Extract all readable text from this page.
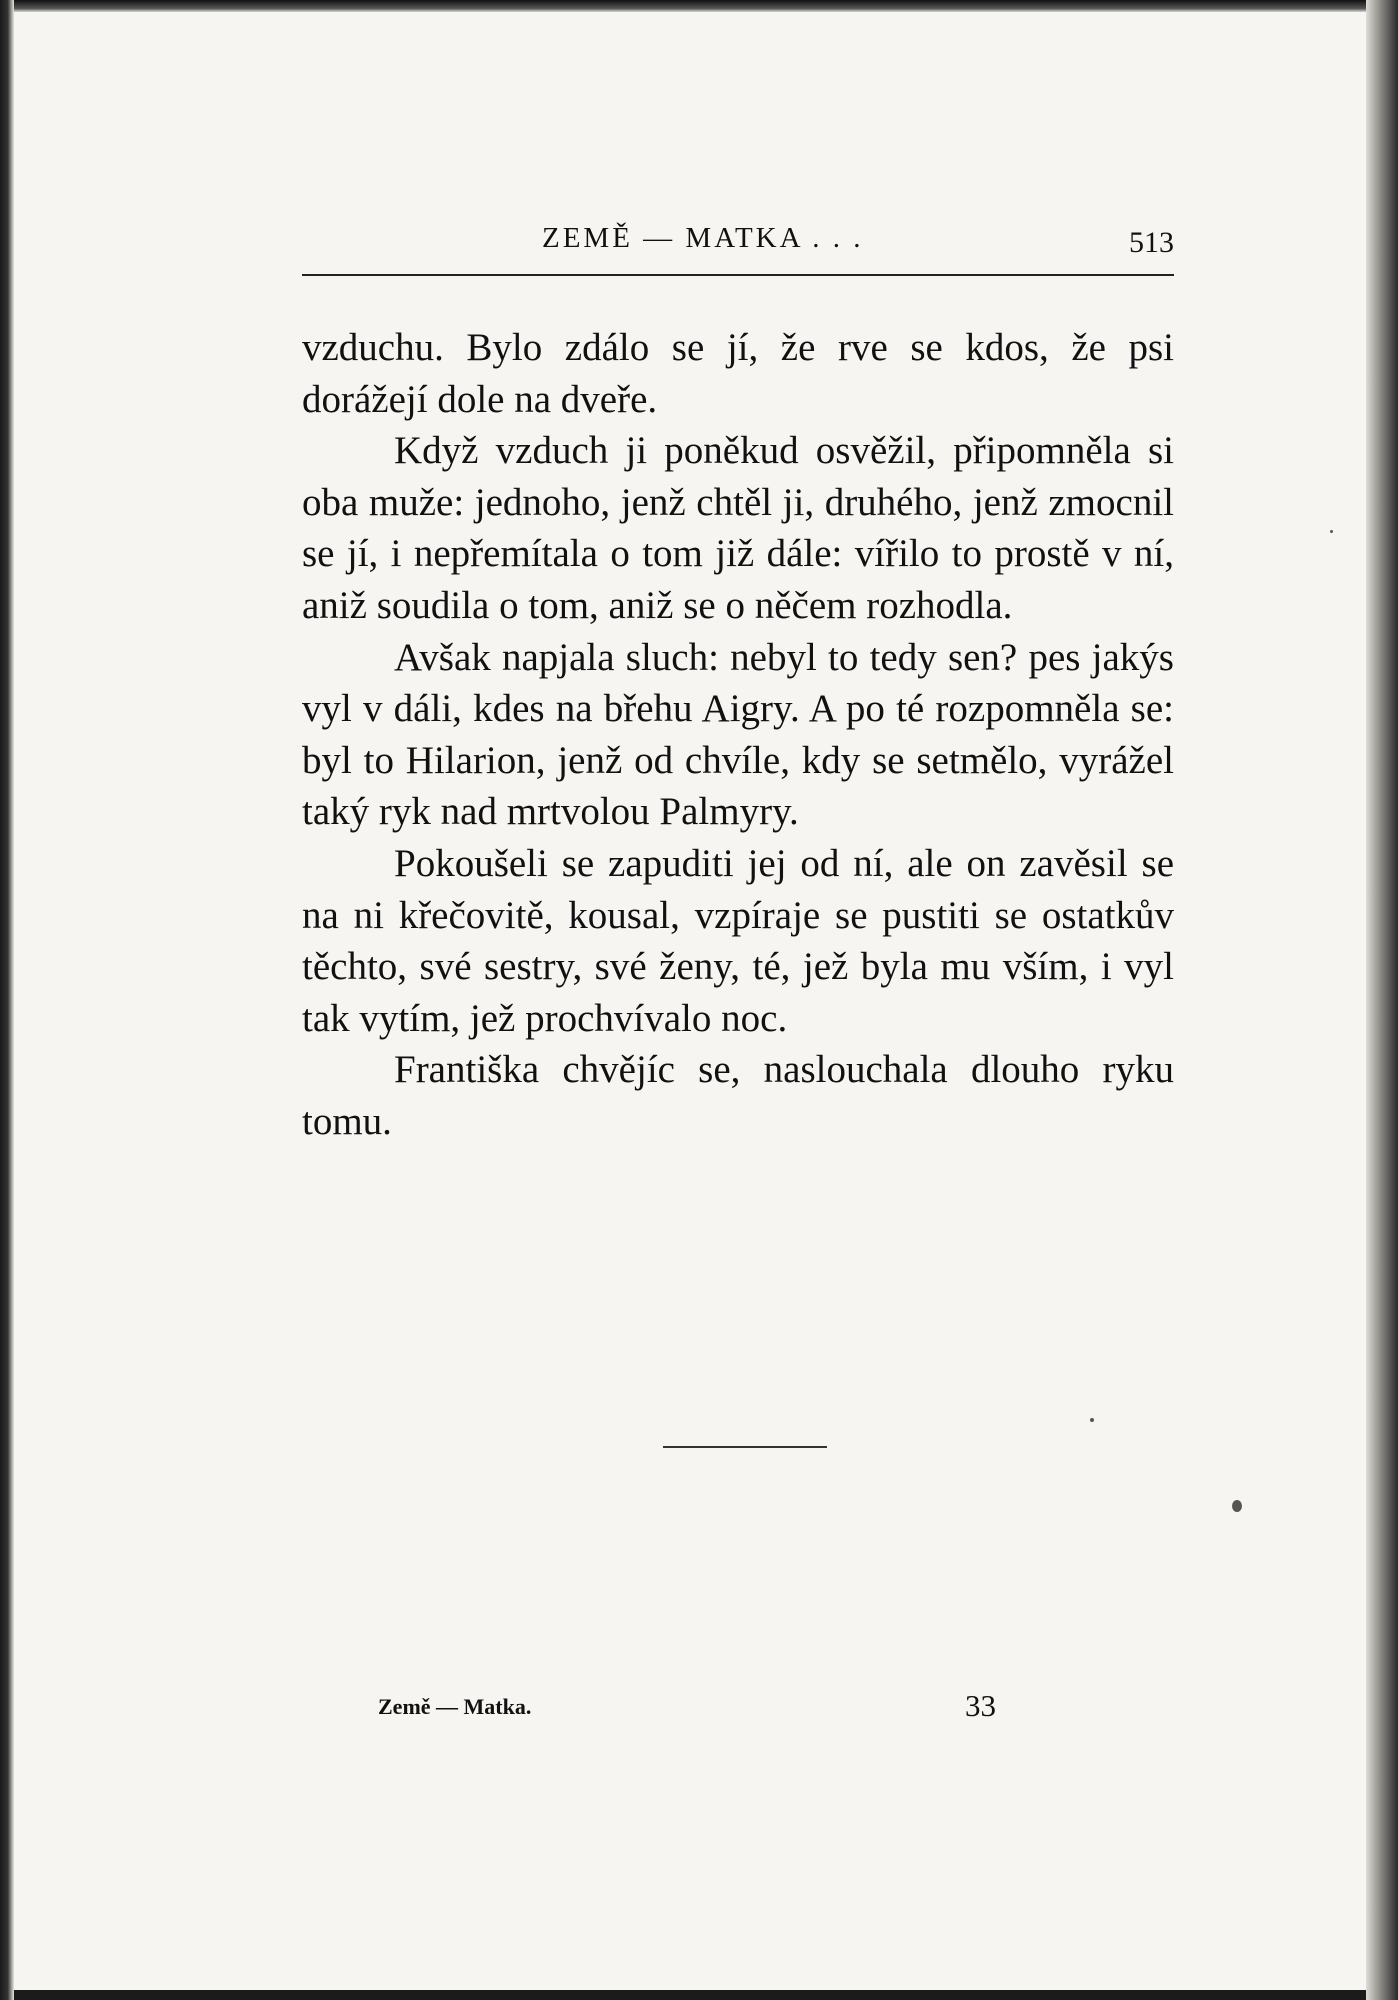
ZEMĚ — MATKA . . .	513

vzduchu. Bylo zdálo se jí, že rve se kdos, že psi dorážejí dole na dveře.

Když vzduch ji poněkud osvěžil, připomněla si oba muže: jednoho, jenž chtěl ji, druhého, jenž zmocnil se jí, i nepřemítala o tom již dále: vířilo to prostě v ní, aniž soudila o tom, aniž se o něčem rozhodla.

Avšak napjala sluch: nebyl to tedy sen? pes jakýs vyl v dáli, kdes na břehu Aigry. A po té rozpomněla se: byl to Hilarion, jenž od chvíle, kdy se setmělo, vyrážel taký ryk nad mrtvolou Palmyry.

Pokoušeli se zapuditi jej od ní, ale on zavěsil se na ni křečovitě, kousal, vzpíraje se pustiti se ostatkův těchto, své sestry, své ženy, té, jež byla mu vším, i vyl tak vytím, jež prochvívalo noc.

Františka chvějíc se, naslouchala dlouho ryku tomu.

Země — Matka.	33
